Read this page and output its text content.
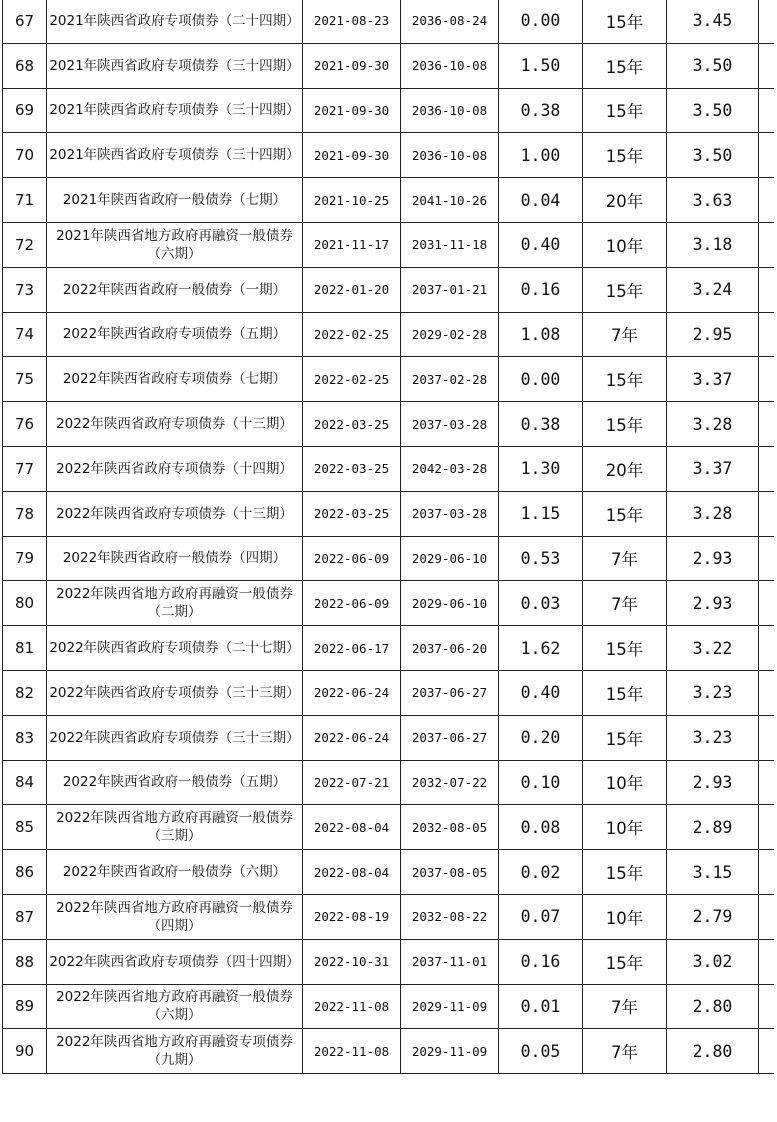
67	2021年陕西省政府专项债券（二十四期）	2021-08-23	2036-08-24	0.00	15年	3.45	
68	2021年陕西省政府专项债券（三十四期）	2021-09-30	2036-10-08	1.50	15年	3.50	
69	2021年陕西省政府专项债券（三十四期）	2021-09-30	2036-10-08	0.38	15年	3.50	
70	2021年陕西省政府专项债券（三十四期）	2021-09-30	2036-10-08	1.00	15年	3.50	
71	2021年陕西省政府一般债券（七期）	2021-10-25	2041-10-26	0.04	20年	3.63	
72	2021年陕西省地方政府再融资一般债券（六期）	2021-11-17	2031-11-18	0.40	10年	3.18	
73	2022年陕西省政府一般债券（一期）	2022-01-20	2037-01-21	0.16	15年	3.24	
74	2022年陕西省政府专项债券（五期）	2022-02-25	2029-02-28	1.08	7年	2.95	
75	2022年陕西省政府专项债券（七期）	2022-02-25	2037-02-28	0.00	15年	3.37	
76	2022年陕西省政府专项债券（十三期）	2022-03-25	2037-03-28	0.38	15年	3.28	
77	2022年陕西省政府专项债券（十四期）	2022-03-25	2042-03-28	1.30	20年	3.37	
78	2022年陕西省政府专项债券（十三期）	2022-03-25	2037-03-28	1.15	15年	3.28	
79	2022年陕西省政府一般债券（四期）	2022-06-09	2029-06-10	0.53	7年	2.93	
80	2022年陕西省地方政府再融资一般债券（二期）	2022-06-09	2029-06-10	0.03	7年	2.93	
81	2022年陕西省政府专项债券（二十七期）	2022-06-17	2037-06-20	1.62	15年	3.22	
82	2022年陕西省政府专项债券（三十三期）	2022-06-24	2037-06-27	0.40	15年	3.23	
83	2022年陕西省政府专项债券（三十三期）	2022-06-24	2037-06-27	0.20	15年	3.23	
84	2022年陕西省政府一般债券（五期）	2022-07-21	2032-07-22	0.10	10年	2.93	
85	2022年陕西省地方政府再融资一般债券（三期）	2022-08-04	2032-08-05	0.08	10年	2.89	
86	2022年陕西省政府一般债券（六期）	2022-08-04	2037-08-05	0.02	15年	3.15	
87	2022年陕西省地方政府再融资一般债券（四期）	2022-08-19	2032-08-22	0.07	10年	2.79	
88	2022年陕西省政府专项债券（四十四期）	2022-10-31	2037-11-01	0.16	15年	3.02	
89	2022年陕西省地方政府再融资一般债券（六期）	2022-11-08	2029-11-09	0.01	7年	2.80	
90	2022年陕西省地方政府再融资专项债券（九期）	2022-11-08	2029-11-09	0.05	7年	2.80	
